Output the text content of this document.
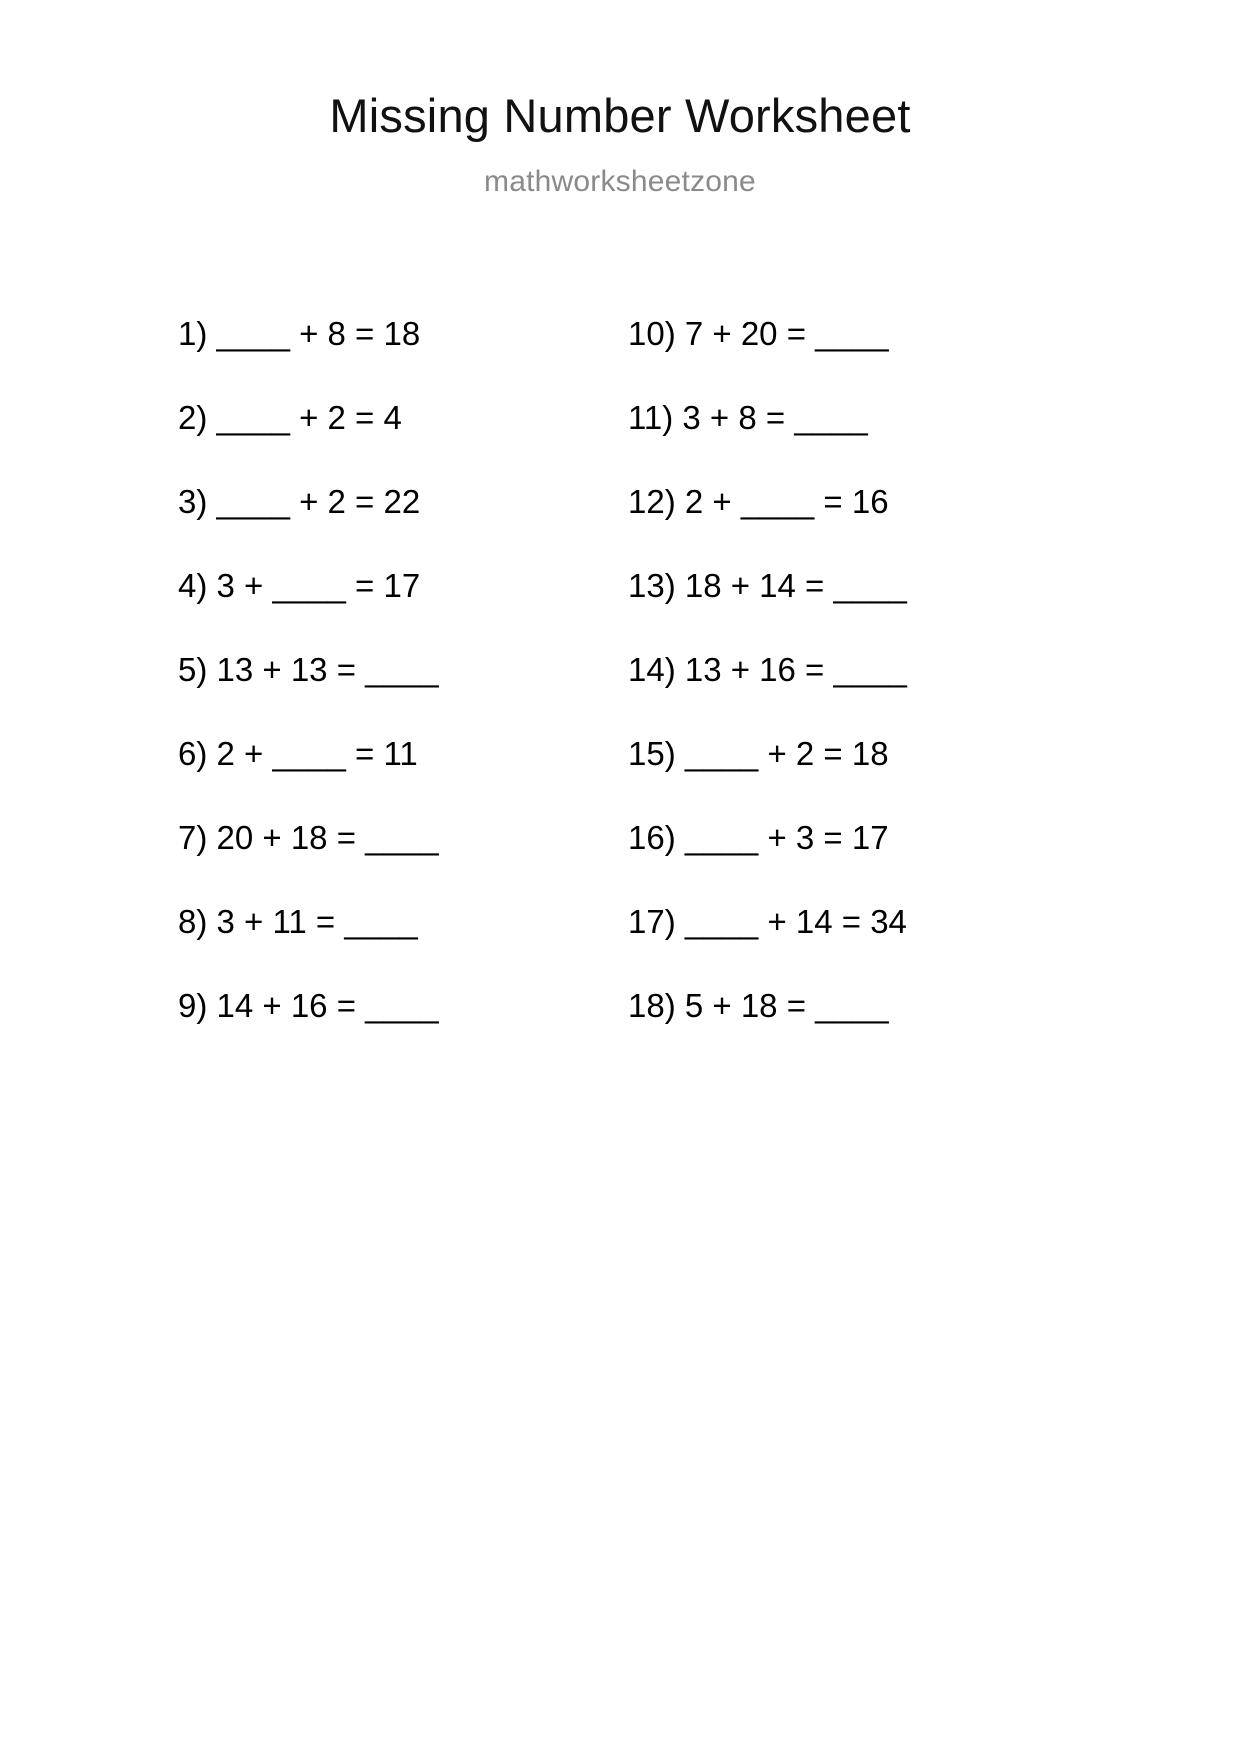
Missing Number Worksheet

mathworksheetzone

1) ____ + 8 = 18
2) ____ + 2 = 4
3) ____ + 2 = 22
4) 3 + ____ = 17
5) 13 + 13 = ____
6) 2 + ____ = 11
7) 20 + 18 = ____
8) 3 + 11 = ____
9) 14 + 16 = ____
10) 7 + 20 = ____
11) 3 + 8 = ____
12) 2 + ____ = 16
13) 18 + 14 = ____
14) 13 + 16 = ____
15) ____ + 2 = 18
16) ____ + 3 = 17
17) ____ + 14 = 34
18) 5 + 18 = ____
